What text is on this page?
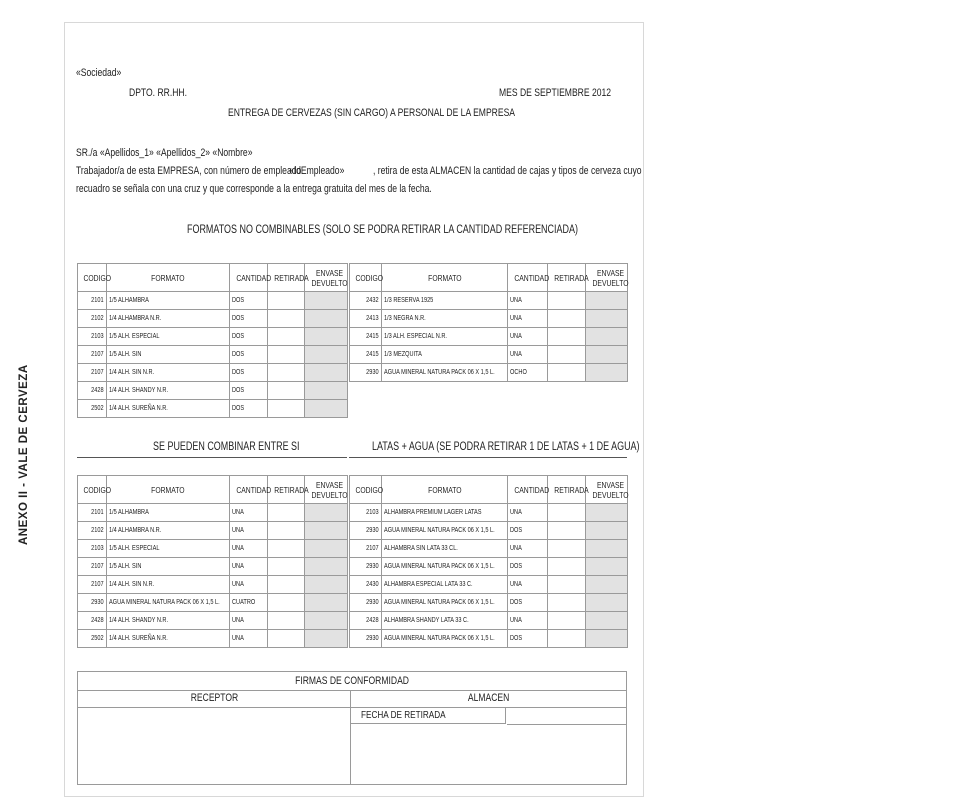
ANEXO II - VALE DE CERVEZA
«Sociedad»
DPTO. RR.HH.	MES DE SEPTIEMBRE 2012
ENTREGA DE CERVEZAS (SIN CARGO) A PERSONAL DE LA EMPRESA
SR./a «Apellidos_1» «Apellidos_2» «Nombre»
Trabajador/a de esta EMPRESA, con número de empleado
«IdEmpleado»	, retira de esta ALMACEN la cantidad de cajas y tipos de cerveza cuyo
recuadro se señala con una cruz y que corresponde a la entrega gratuita del mes de la fecha.
FORMATOS NO COMBINABLES (SOLO SE PODRA RETIRAR LA CANTIDAD REFERENCIADA)
CODIGO	FORMATO	CANTIDAD	RETIRADA	ENVASE DEVUELTO
2101	1/5 ALHAMBRA	DOS		
2102	1/4 ALHAMBRA N.R.	DOS		
2103	1/5 ALH. ESPECIAL	DOS		
2107	1/5 ALH. SIN	DOS		
2107	1/4 ALH. SIN N.R.	DOS		
2428	1/4 ALH. SHANDY N.R.	DOS		
2502	1/4 ALH. SUREÑA N.R.	DOS		
CODIGO	FORMATO	CANTIDAD	RETIRADA	ENVASE DEVUELTO
2432	1/3 RESERVA 1925	UNA		
2413	1/3 NEGRA N.R.	UNA		
2415	1/3 ALH. ESPECIAL N.R.	UNA		
2415	1/3 MEZQUITA	UNA		
2930	AGUA MINERAL NATURA PACK 06 X 1,5 L.	OCHO		
SE PUEDEN COMBINAR ENTRE SI	LATAS + AGUA (SE PODRA RETIRAR 1 DE LATAS + 1 DE AGUA)
CODIGO	FORMATO	CANTIDAD	RETIRADA	ENVASE DEVUELTO
2101	1/5 ALHAMBRA	UNA		
2102	1/4 ALHAMBRA N.R.	UNA		
2103	1/5 ALH. ESPECIAL	UNA		
2107	1/5 ALH. SIN	UNA		
2107	1/4 ALH. SIN N.R.	UNA		
2930	AGUA MINERAL NATURA PACK 06 X 1,5 L.	CUATRO		
2428	1/4 ALH. SHANDY N.R.	UNA		
2502	1/4 ALH. SUREÑA N.R.	UNA		
CODIGO	FORMATO	CANTIDAD	RETIRADA	ENVASE DEVUELTO
2103	ALHAMBRA PREMIUM LAGER LATAS	UNA		
2930	AGUA MINERAL NATURA PACK 06 X 1,5 L.	DOS		
2107	ALHAMBRA SIN LATA 33 CL.	UNA		
2930	AGUA MINERAL NATURA PACK 06 X 1,5 L.	DOS		
2430	ALHAMBRA ESPECIAL LATA 33 C.	UNA		
2930	AGUA MINERAL NATURA PACK 06 X 1,5 L.	DOS		
2428	ALHAMBRA SHANDY LATA 33 C.	UNA		
2930	AGUA MINERAL NATURA PACK 06 X 1,5 L.	DOS		
FIRMAS DE CONFORMIDAD
RECEPTOR	ALMACEN
FECHA DE RETIRADA
